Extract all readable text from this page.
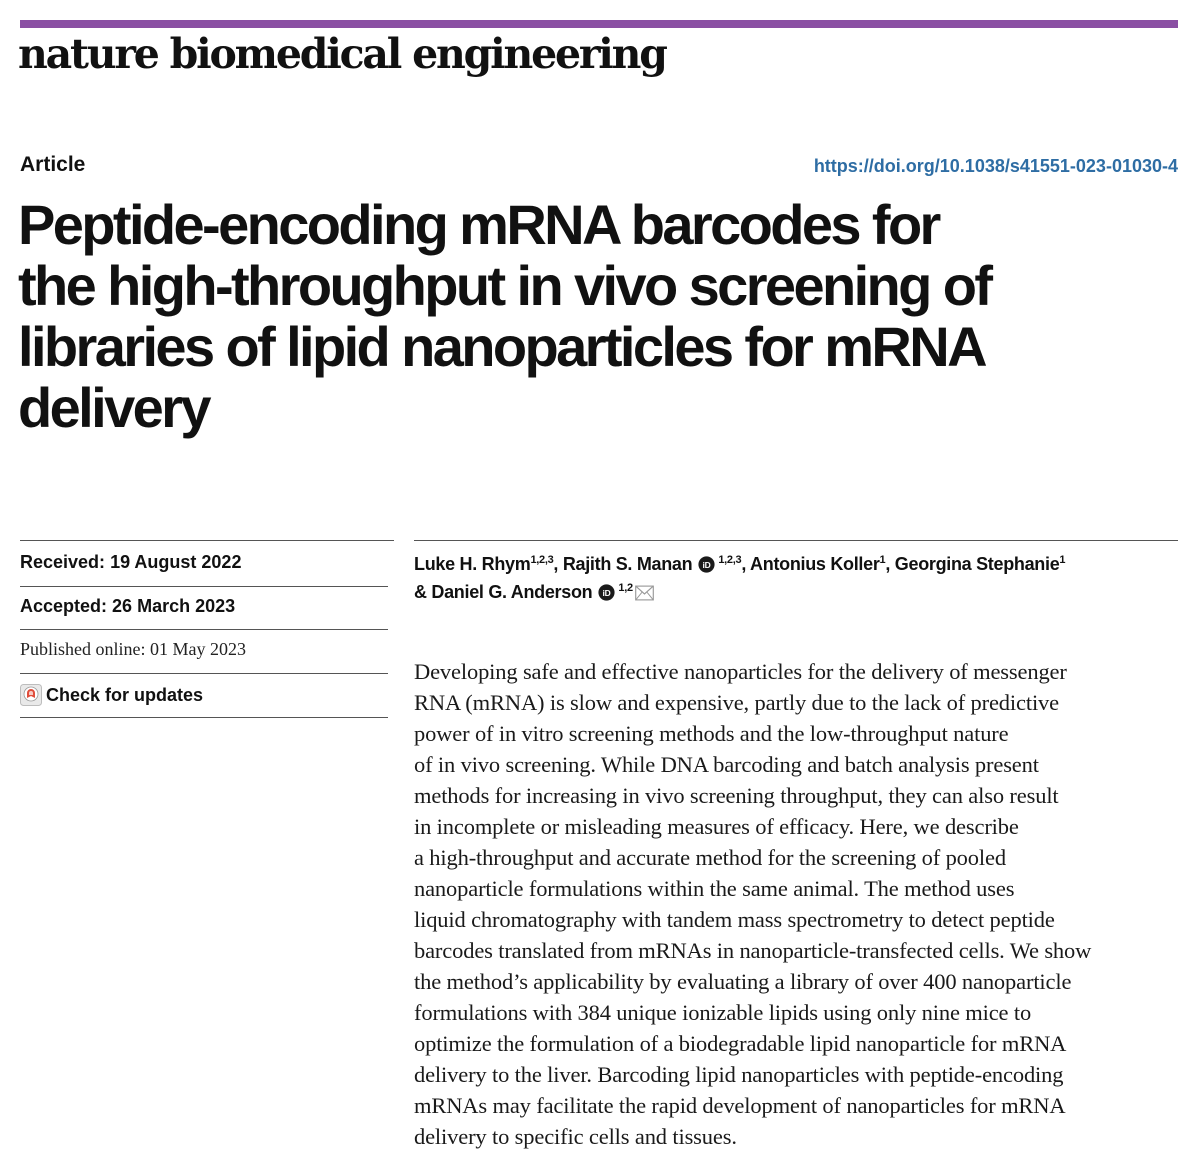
nature biomedical engineering
Article	https://doi.org/10.1038/s41551-023-01030-4
Peptide-encoding mRNA barcodes for
the high-throughput in vivo screening of
libraries of lipid nanoparticles for mRNA
delivery
Received: 19 August 2022
Accepted: 26 March 2023
Published online: 01 May 2023
Check for updates
Luke H. Rhym$^{1,2,3}$, Rajith S. Manan iD $^{1,2,3}$, Antonius Koller$^1$, Georgina Stephanie$^1$
& Daniel G. Anderson iD $^{1,2}$

Developing safe and effective nanoparticles for the delivery of messenger
RNA (mRNA) is slow and expensive, partly due to the lack of predictive
power of in vitro screening methods and the low-throughput nature
of in vivo screening. While DNA barcoding and batch analysis present
methods for increasing in vivo screening throughput, they can also result
in incomplete or misleading measures of efficacy. Here, we describe
a high-throughput and accurate method for the screening of pooled
nanoparticle formulations within the same animal. The method uses
liquid chromatography with tandem mass spectrometry to detect peptide
barcodes translated from mRNAs in nanoparticle-transfected cells. We show
the method’s applicability by evaluating a library of over 400 nanoparticle
formulations with 384 unique ionizable lipids using only nine mice to
optimize the formulation of a biodegradable lipid nanoparticle for mRNA
delivery to the liver. Barcoding lipid nanoparticles with peptide-encoding
mRNAs may facilitate the rapid development of nanoparticles for mRNA
delivery to specific cells and tissues.
